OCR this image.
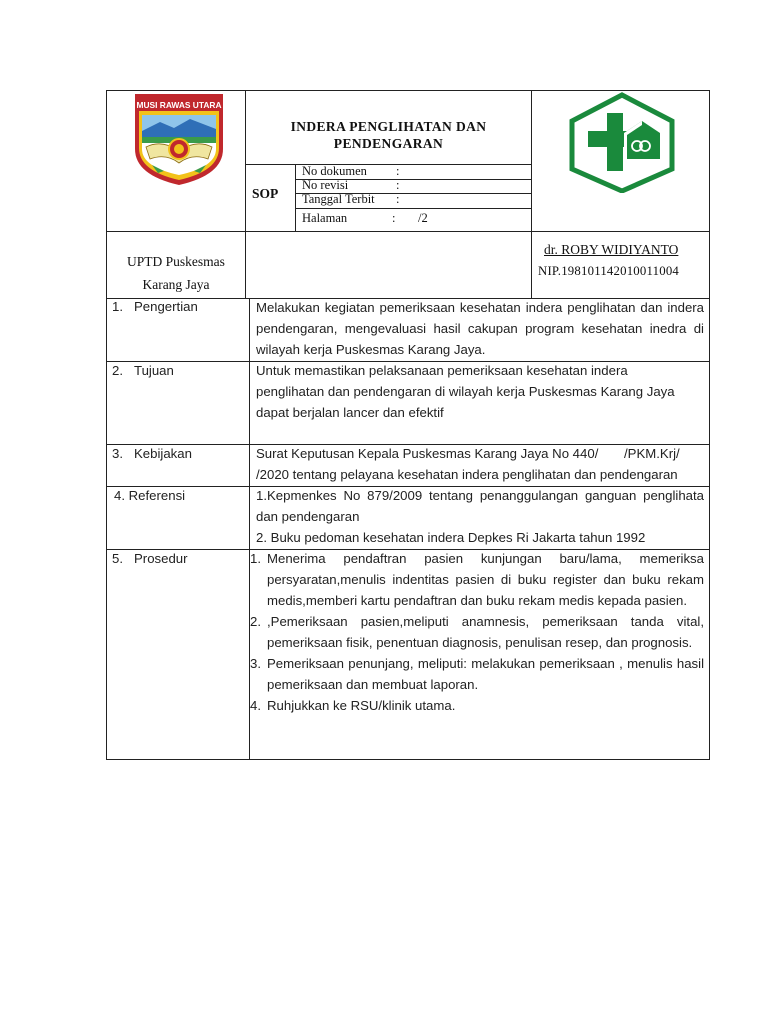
MUSI RAWAS UTARA
INDERA PENGLIHATAN DAN
PENDENGARAN
SOP
No dokumen :
No revisi	:
Tanggal Terbit :
Halaman	: /2
UPTD Puskesmas
Karang Jaya
dr. ROBY WIDIYANTO
NIP.198101142010011004
1. Pengertian	Melakukan kegiatan pemeriksaan kesehatan indera penglihatan dan indera pendengaran, mengevaluasi hasil cakupan program kesehatan inedra di wilayah kerja Puskesmas Karang Jaya.
2. Tujuan	Untuk memastikan pelaksanaan pemeriksaan kesehatan indera
penglihatan dan pendengaran di wilayah kerja Puskesmas Karang Jaya
dapat berjalan lancer dan efektif
3. Kebijakan	Surat Keputusan Kepala Puskesmas Karang Jaya No 440/       /PKM.Krj/
/2020 tentang pelayana kesehatan indera penglihatan dan pendengaran
4. Referensi	1.Kepmenkes No 879/2009 tentang penanggulangan ganguan penglihata dan pendengaran
2. Buku pedoman kesehatan indera Depkes Ri Jakarta tahun 1992
5. Prosedur	1. Menerima pendaftran pasien kunjungan baru/lama, memeriksa persyaratan,menulis indentitas pasien di buku register dan buku rekam medis,memberi kartu pendaftran dan buku rekam medis kepada pasien.
2. ,Pemeriksaan pasien,meliputi anamnesis, pemeriksaan tanda vital, pemeriksaan fisik, penentuan diagnosis, penulisan resep, dan prognosis.
3. Pemeriksaan penunjang, meliputi: melakukan pemeriksaan , menulis hasil pemeriksaan dan membuat laporan.
4. Ruhjukkan ke RSU/klinik utama.
